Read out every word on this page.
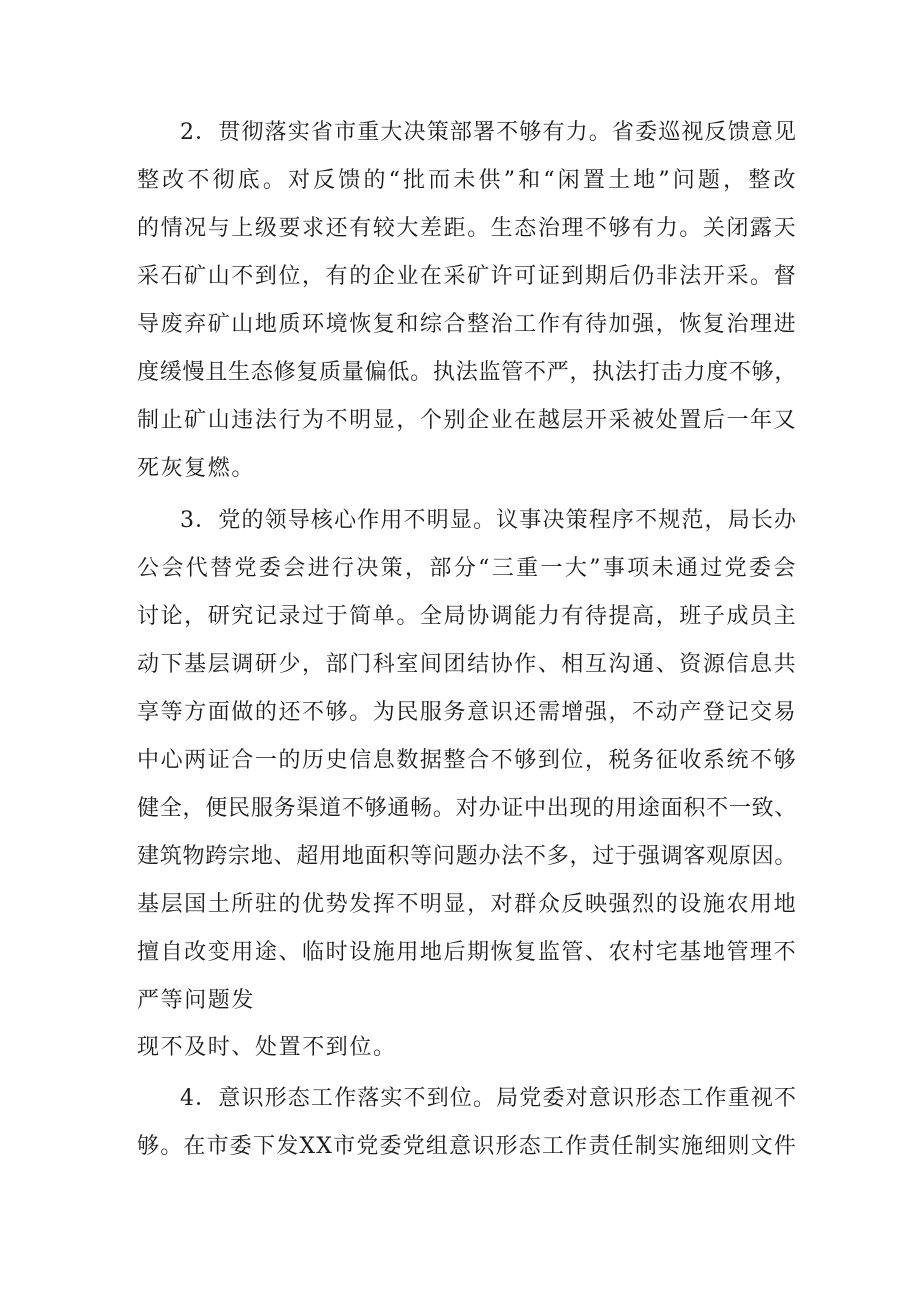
2．贯彻落实省市重大决策部署不够有力。省委巡视反馈意见
整改不彻底。对反馈的“批而未供”和“闲置土地”问题，整改
的情况与上级要求还有较大差距。生态治理不够有力。关闭露天
采石矿山不到位，有的企业在采矿许可证到期后仍非法开采。督
导废弃矿山地质环境恢复和综合整治工作有待加强，恢复治理进
度缓慢且生态修复质量偏低。执法监管不严，执法打击力度不够，
制止矿山违法行为不明显，个别企业在越层开采被处置后一年又
死灰复燃。
3．党的领导核心作用不明显。议事决策程序不规范，局长办
公会代替党委会进行决策，部分“三重一大”事项未通过党委会
讨论，研究记录过于简单。全局协调能力有待提高，班子成员主
动下基层调研少，部门科室间团结协作、相互沟通、资源信息共
享等方面做的还不够。为民服务意识还需增强，不动产登记交易
中心两证合一的历史信息数据整合不够到位，税务征收系统不够
健全，便民服务渠道不够通畅。对办证中出现的用途面积不一致、
建筑物跨宗地、超用地面积等问题办法不多，过于强调客观原因。
基层国土所驻的优势发挥不明显，对群众反映强烈的设施农用地
擅自改变用途、临时设施用地后期恢复监管、农村宅基地管理不
严等问题发
现不及时、处置不到位。
4．意识形态工作落实不到位。局党委对意识形态工作重视不
够。在市委下发XX市党委党组意识形态工作责任制实施细则文件
